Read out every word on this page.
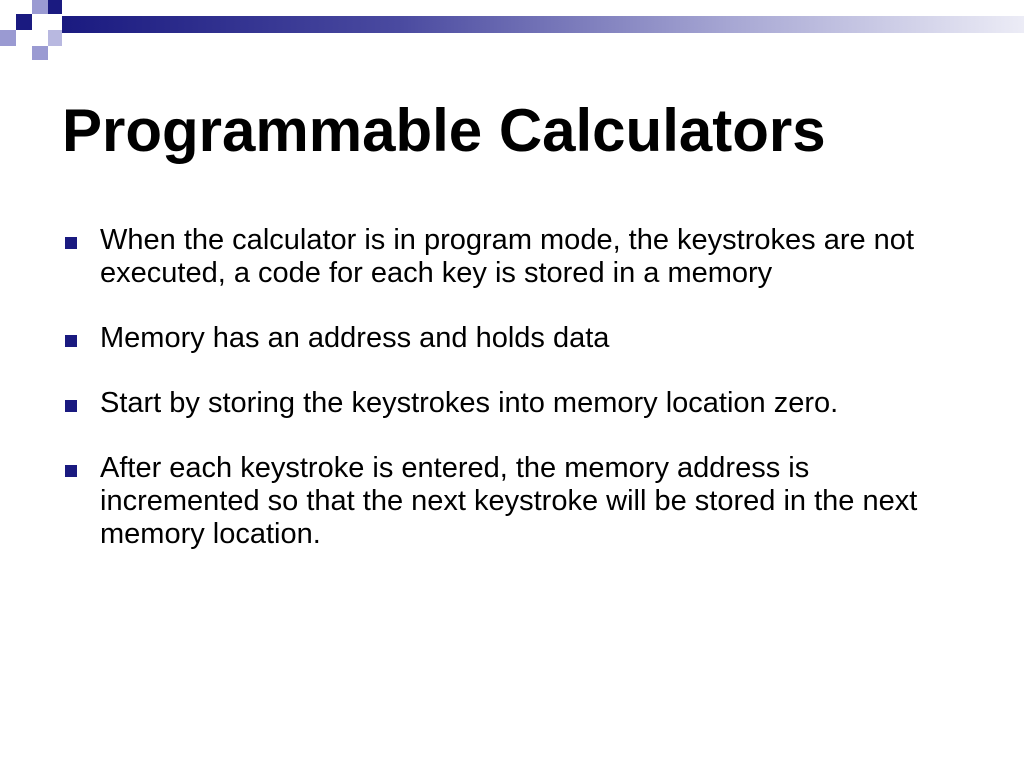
Programmable Calculators
When the calculator is in program mode, the keystrokes are not executed, a code for each key is stored in a memory
Memory has an address and holds data
Start by storing the keystrokes into memory location zero.
After each keystroke is entered, the memory address is incremented so that the next keystroke will be stored in the next memory location.
